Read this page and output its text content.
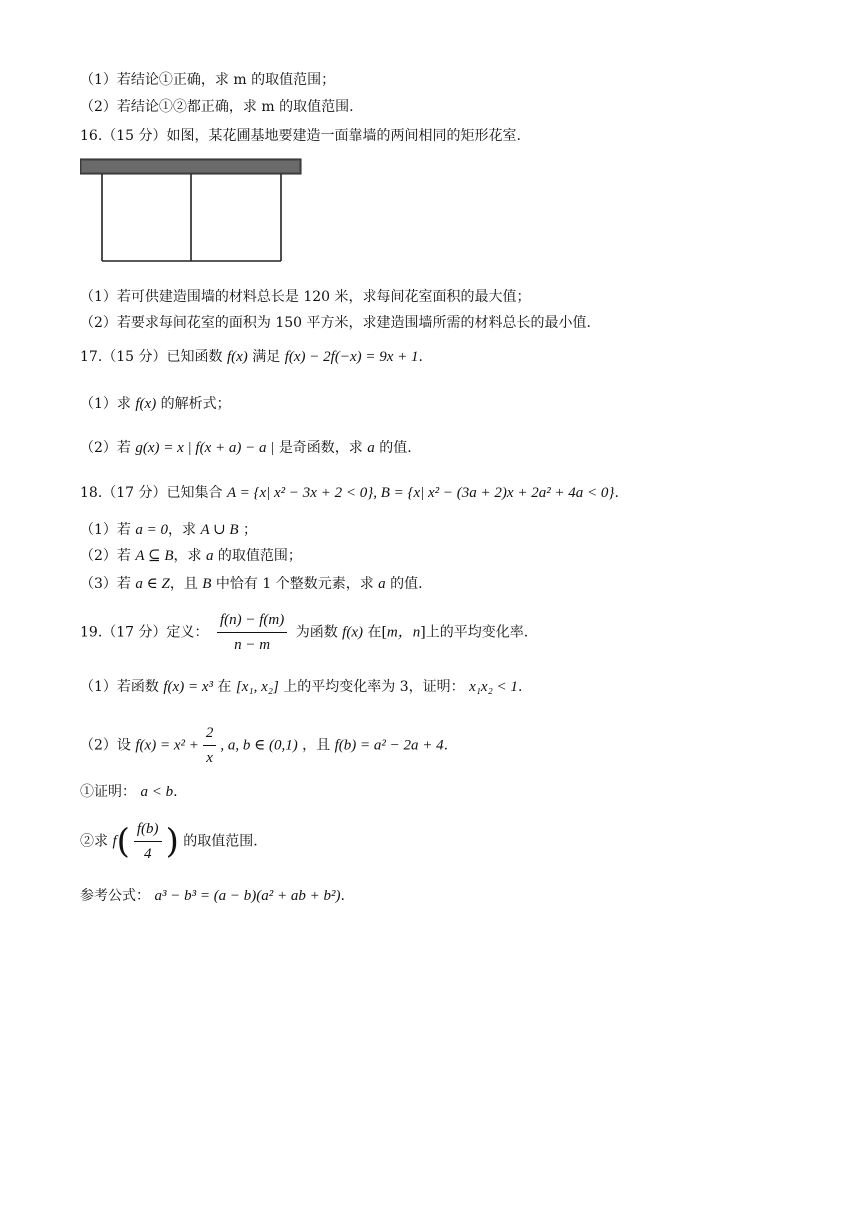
（1）若结论①正确，求 m 的取值范围；
（2）若结论①②都正确，求 m 的取值范围.
16.（15 分）如图，某花圃基地要建造一面靠墙的两间相同的矩形花室.
（1）若可供建造围墙的材料总长是 120 米，求每间花室面积的最大值；
（2）若要求每间花室的面积为 150 平方米，求建造围墙所需的材料总长的最小值.
17.（15 分）已知函数 f(x) 满足 f(x) − 2f(−x) = 9x + 1.
（1）求 f(x) 的解析式；
（2）若 g(x) = x | f(x + a) − a | 是奇函数，求 a 的值.
18.（17 分）已知集合 A = {x| x² − 3x + 2 < 0}, B = {x| x² − (3a + 2)x + 2a² + 4a < 0}.
（1）若 a = 0，求 A ∪ B ；
（2）若 A ⊆ B，求 a 的取值范围；
（3）若 a ∈ Z，且 B 中恰有 1 个整数元素，求 a 的值.
19.（17 分）定义： $\frac{f(n) - f(m)}{n - m}$ 为函数 f(x) 在[m，n]上的平均变化率.
（1）若函数 f(x) = x³ 在 [x₁, x₂] 上的平均变化率为 3，证明： x₁x₂ < 1.
（2）设 $f(x) = x^2 + \frac{2}{x}$ , a, b ∈ (0,1) ，且 f(b) = a² − 2a + 4.
①证明： a < b.
②求 $f( \frac{f(b)}{4}$ ) 的取值范围.
参考公式： a³ − b³ = (a − b)(a² + ab + b²).
